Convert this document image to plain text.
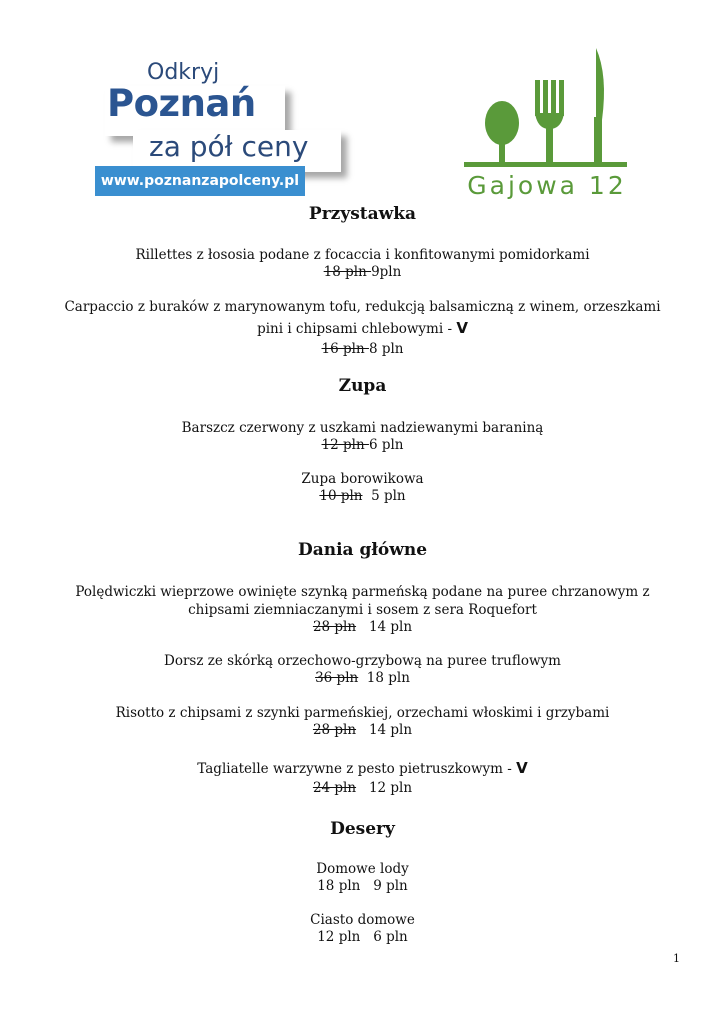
Odkryj
Poznań
za pół ceny
www.poznanzapolceny.pl	Gajowa 12
Przystawka
Rillettes z łososia podane z focaccia i konfitowanymi pomidorkami
18 pln 9pln
Carpaccio z buraków z marynowanym tofu, redukcją balsamiczną z winem, orzeszkami
pini i chipsami chlebowymi - V
16 pln 8 pln
Zupa
Barszcz czerwony z uszkami nadziewanymi baraniną
12 pln 6 pln
Zupa borowikowa
10 pln 5 pln
Dania główne
Polędwiczki wieprzowe owinięte szynką parmeńską podane na puree chrzanowym z
chipsami ziemniaczanymi i sosem z sera Roquefort
28 pln 14 pln
Dorsz ze skórką orzechowo-grzybową na puree truflowym
36 pln 18 pln
Risotto z chipsami z szynki parmeńskiej, orzechami włoskimi i grzybami
28 pln 14 pln
Tagliatelle warzywne z pesto pietruszkowym - V
24 pln 12 pln
Desery
Domowe lody
18 pln 9 pln
Ciasto domowe
12 pln 6 pln
1
